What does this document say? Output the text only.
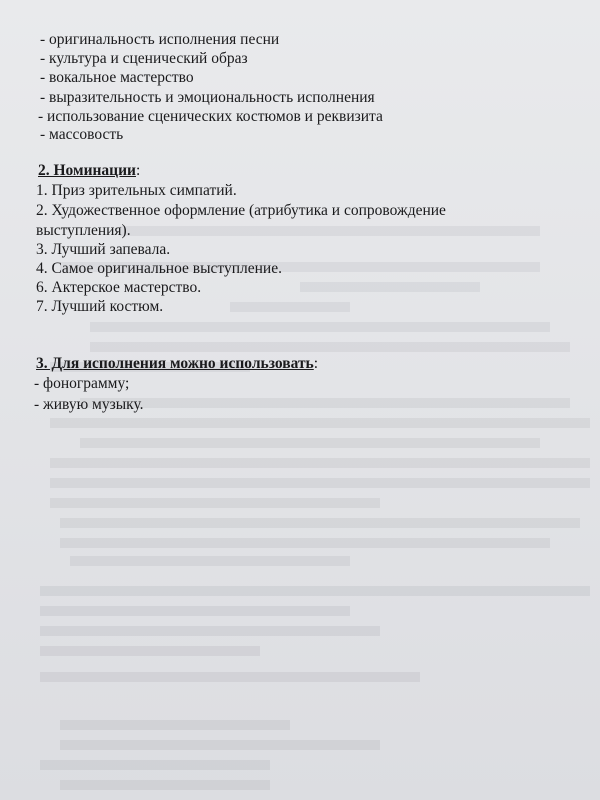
- оригинальность исполнения песни
- культура и сценический образ
- вокальное мастерство
- выразительность и эмоциональность исполнения
- использование сценических костюмов и реквизита
- массовость
2. Номинации:
1. Приз зрительных симпатий.
2. Художественное оформление (атрибутика и сопровождение
выступления).
3. Лучший запевала.
4. Самое оригинальное выступление.
6. Актерское мастерство.
7. Лучший костюм.
3. Для исполнения можно использовать:
- фонограмму;
- живую музыку.
